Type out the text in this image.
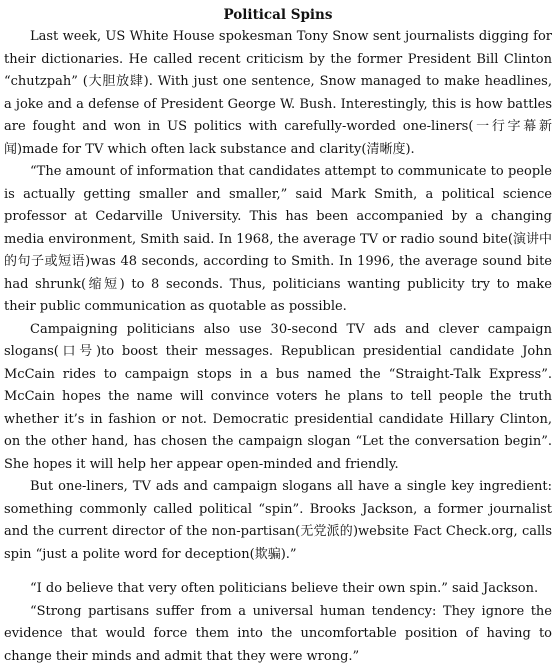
Political Spins

Last week, US White House spokesman Tony Snow sent journalists digging for their dictionaries. He called recent criticism by the former President Bill Clinton “chutzpah” (大胆放肆). With just one sentence, Snow managed to make headlines, a joke and a defense of President George W. Bush. Interestingly, this is how battles are fought and won in US politics with carefully-worded one-liners(一行字幕新闻)made for TV which often lack substance and clarity(清晰度).

“The amount of information that candidates attempt to communicate to people is actually getting smaller and smaller,” said Mark Smith, a political science professor at Cedarville University. This has been accompanied by a changing media environment, Smith said. In 1968, the average TV or radio sound bite(演讲中的句子或短语)was 48 seconds, according to Smith. In 1996, the average sound bite had shrunk(缩短) to 8 seconds. Thus, politicians wanting publicity try to make their public communication as quotable as possible.

Campaigning politicians also use 30-second TV ads and clever campaign slogans(口号)to boost their messages. Republican presidential candidate John McCain rides to campaign stops in a bus named the “Straight-Talk Express”. McCain hopes the name will convince voters he plans to tell people the truth whether it’s in fashion or not. Democratic presidential candidate Hillary Clinton, on the other hand, has chosen the campaign slogan “Let the conversation begin”. She hopes it will help her appear open-minded and friendly.

But one-liners, TV ads and campaign slogans all have a single key ingredient: something commonly called political “spin”. Brooks Jackson, a former journalist and the current director of the non-partisan(无党派的)website Fact Check.org, calls spin “just a polite word for deception(欺骗).”

“I do believe that very often politicians believe their own spin.” said Jackson.

“Strong partisans suffer from a universal human tendency: They ignore the evidence that would force them into the uncomfortable position of having to change their minds and admit that they were wrong.”
